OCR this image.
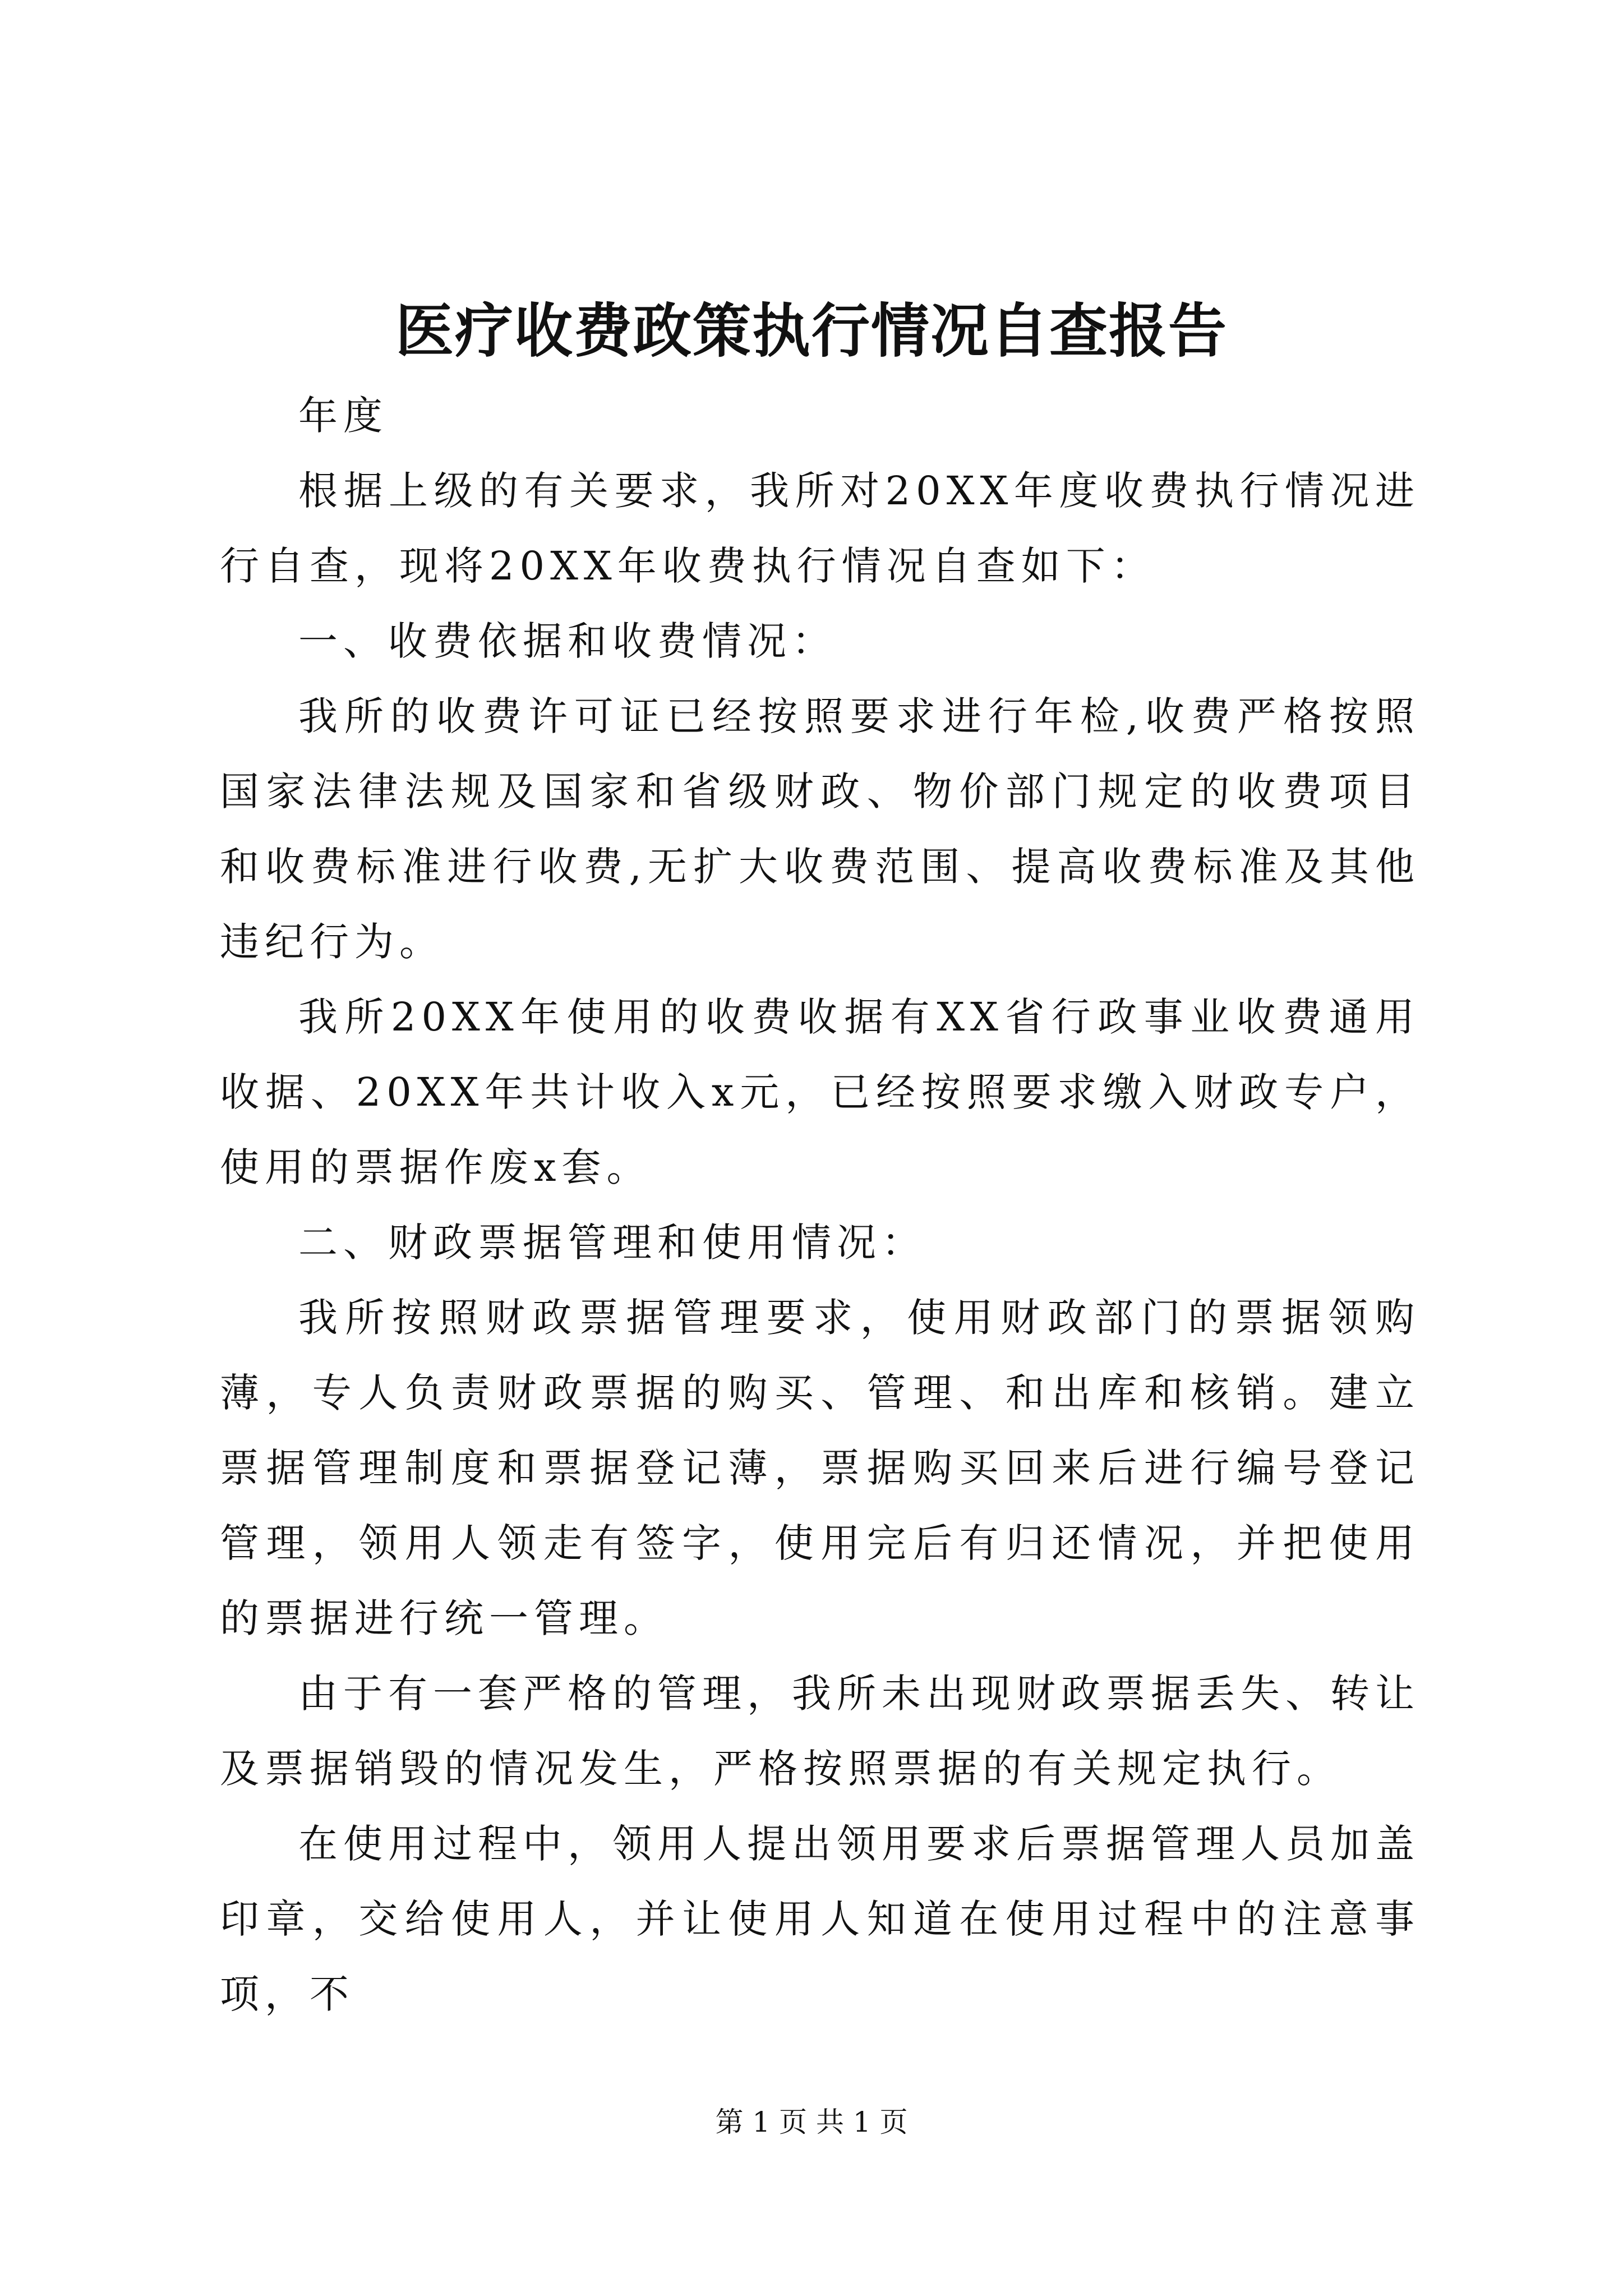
医疗收费政策执行情况自查报告

年度

根据上级的有关要求，我所对20XX年度收费执行情况进行自查，现将20XX年收费执行情况自查如下：

一、收费依据和收费情况：

我所的收费许可证已经按照要求进行年检,收费严格按照国家法律法规及国家和省级财政、物价部门规定的收费项目和收费标准进行收费,无扩大收费范围、提高收费标准及其他违纪行为。

我所20XX年使用的收费收据有XX省行政事业收费通用收据、20XX年共计收入x元，已经按照要求缴入财政专户，使用的票据作废x套。

二、财政票据管理和使用情况：

我所按照财政票据管理要求，使用财政部门的票据领购薄，专人负责财政票据的购买、管理、和出库和核销。建立票据管理制度和票据登记薄，票据购买回来后进行编号登记管理，领用人领走有签字，使用完后有归还情况，并把使用的票据进行统一管理。

由于有一套严格的管理，我所未出现财政票据丢失、转让及票据销毁的情况发生，严格按照票据的有关规定执行。

在使用过程中，领用人提出领用要求后票据管理人员加盖印章，交给使用人，并让使用人知道在使用过程中的注意事项，不

第 1 页 共 1 页
